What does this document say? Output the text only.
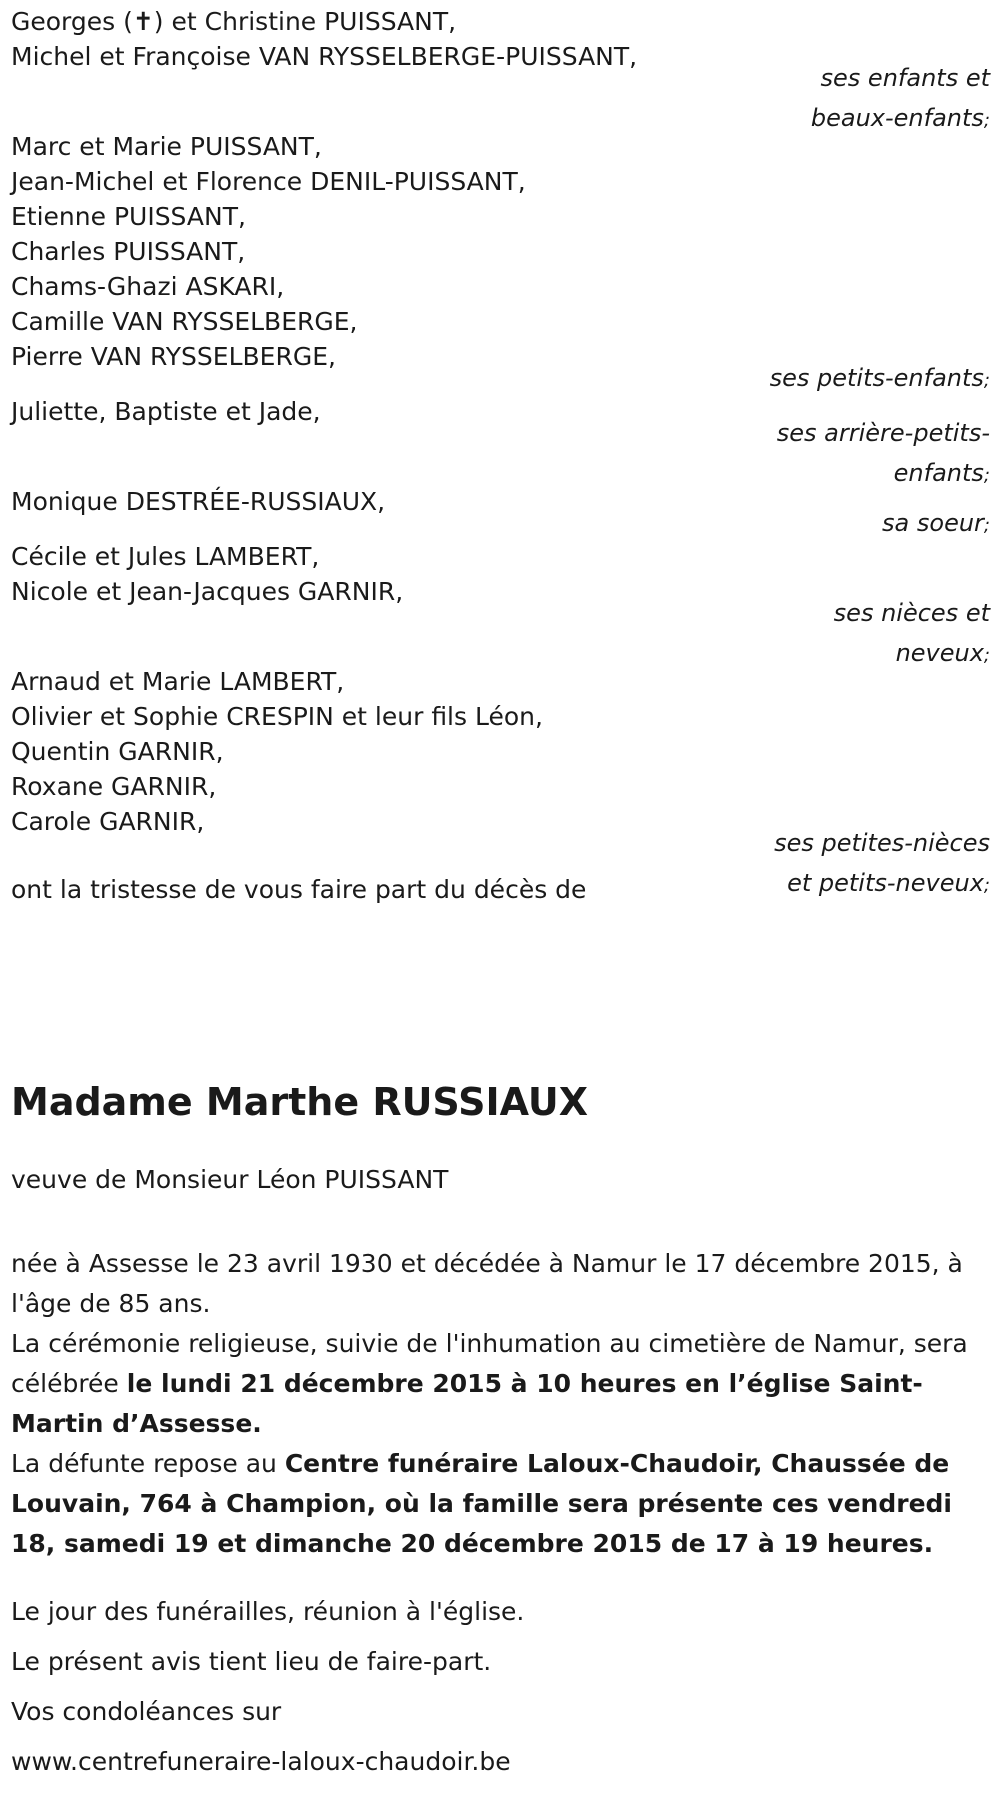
Georges (✝) et Christine PUISSANT,
Michel et Françoise VAN RYSSELBERGE-PUISSANT,
ses enfants et
beaux-enfants;
Marc et Marie PUISSANT,
Jean-Michel et Florence DENIL-PUISSANT,
Etienne PUISSANT,
Charles PUISSANT,
Chams-Ghazi ASKARI,
Camille VAN RYSSELBERGE,
Pierre VAN RYSSELBERGE,
ses petits-enfants;
Juliette, Baptiste et Jade,
ses arrière-petits-
enfants;
Monique DESTRÉE-RUSSIAUX,
sa soeur;
Cécile et Jules LAMBERT,
Nicole et Jean-Jacques GARNIR,
ses nièces et
neveux;
Arnaud et Marie LAMBERT,
Olivier et Sophie CRESPIN et leur fils Léon,
Quentin GARNIR,
Roxane GARNIR,
Carole GARNIR,
ses petites-nièces
et petits-neveux;
ont la tristesse de vous faire part du décès de
Madame Marthe RUSSIAUX
veuve de Monsieur Léon PUISSANT
née à Assesse le 23 avril 1930 et décédée à Namur le 17 décembre 2015, à l'âge de 85 ans.
La cérémonie religieuse, suivie de l'inhumation au cimetière de Namur, sera célébrée le lundi 21 décembre 2015 à 10 heures en l’église Saint-Martin d’Assesse.
La défunte repose au Centre funéraire Laloux-Chaudoir, Chaussée de Louvain, 764 à Champion, où la famille sera présente ces vendredi 18, samedi 19 et dimanche 20 décembre 2015 de 17 à 19 heures.
Le jour des funérailles, réunion à l'église.
Le présent avis tient lieu de faire-part.
Vos condoléances sur
www.centrefuneraire-laloux-chaudoir.be
